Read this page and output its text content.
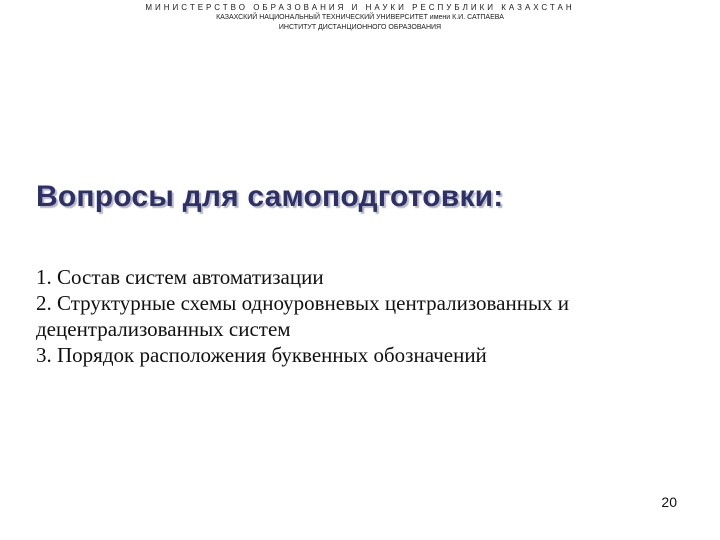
МИНИСТЕРСТВО ОБРАЗОВАНИЯ И НАУКИ РЕСПУБЛИКИ КАЗАХСТАН
КАЗАХСКИЙ НАЦИОНАЛЬНЫЙ ТЕХНИЧЕСКИЙ УНИВЕРСИТЕТ имени К.И. САТПАЕВА
ИНСТИТУТ ДИСТАНЦИОННОГО ОБРАЗОВАНИЯ
Вопросы для самоподготовки:
1. Состав систем автоматизации
2. Структурные схемы одноуровневых централизованных и децентрализованных систем
3. Порядок расположения буквенных обозначений
20
